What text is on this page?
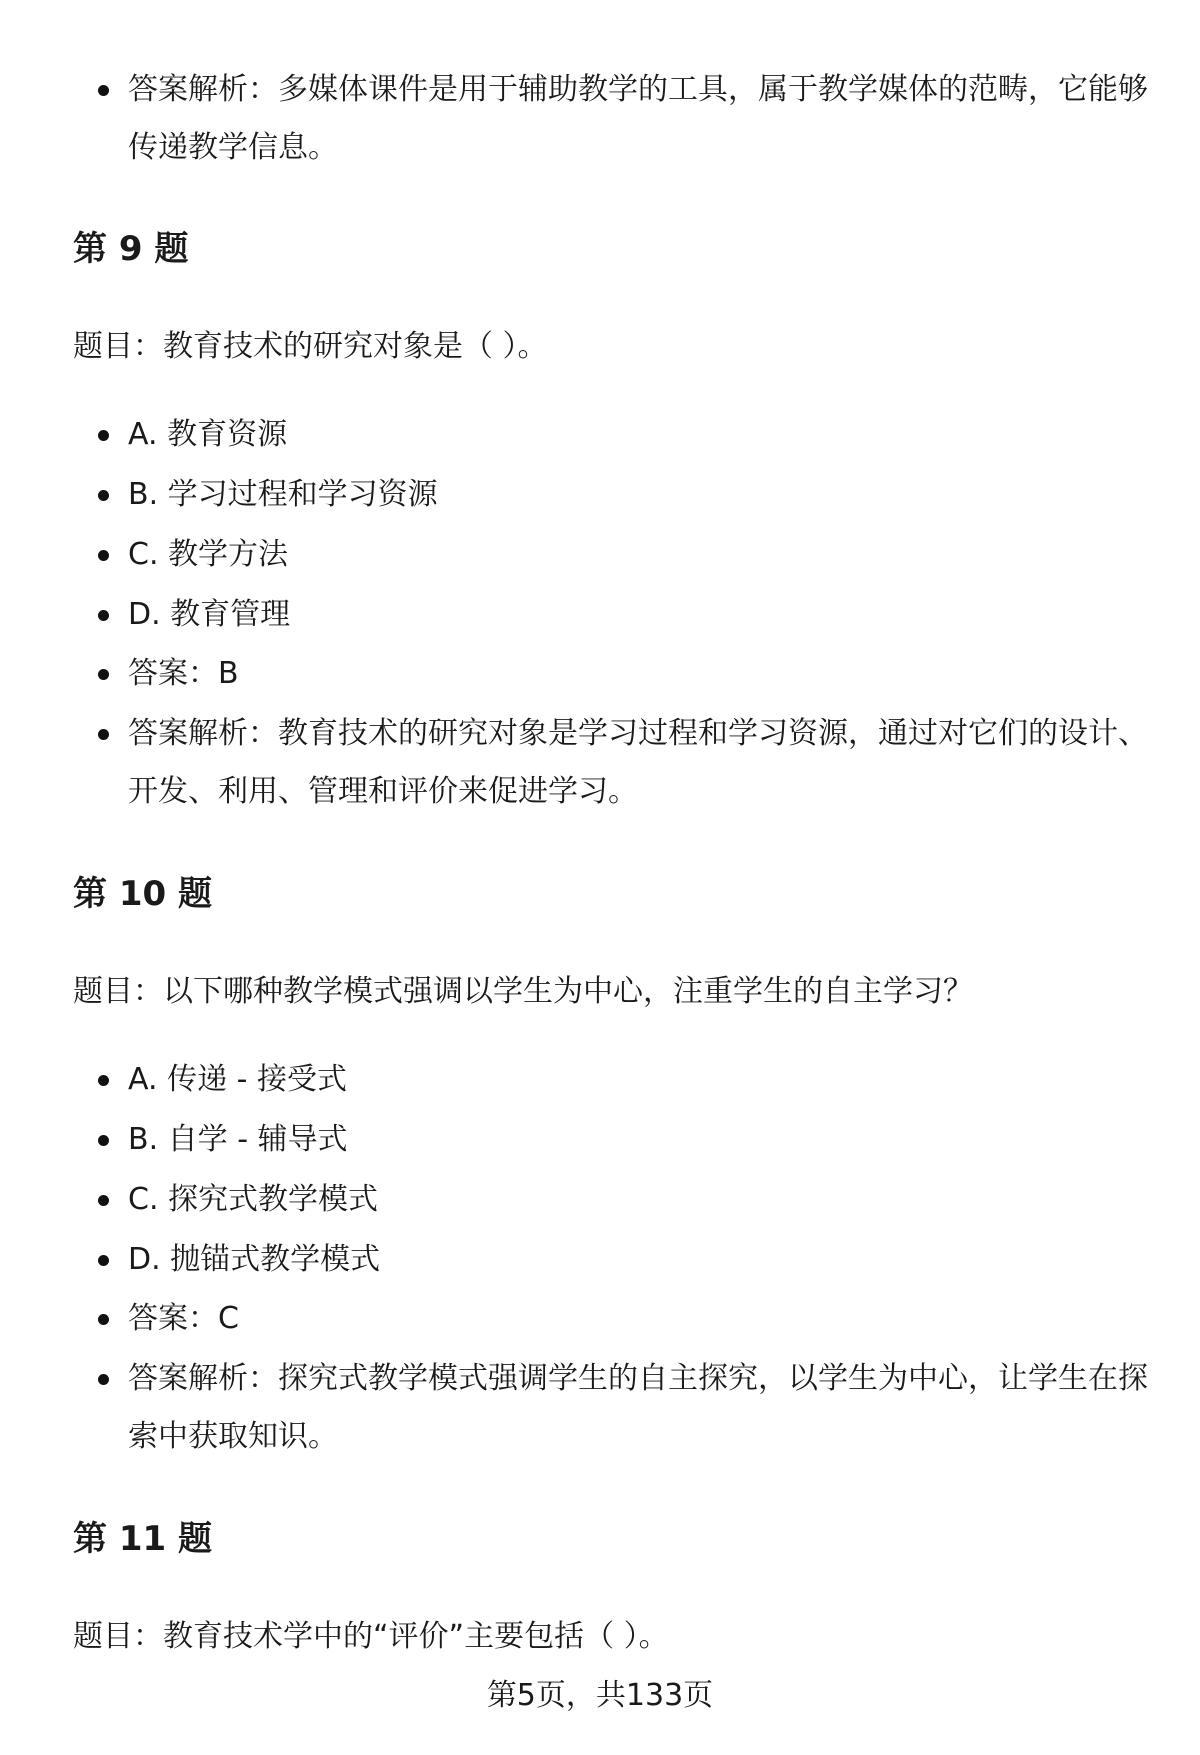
答案解析：多媒体课件是用于辅助教学的工具，属于教学媒体的范畴，它能够

传递教学信息。

第 9 题

题目：教育技术的研究对象是（ ）。

A. 教育资源

B. 学习过程和学习资源

C. 教学方法

D. 教育管理

答案：B

答案解析：教育技术的研究对象是学习过程和学习资源，通过对它们的设计、

开发、利用、管理和评价来促进学习。

第 10 题

题目：以下哪种教学模式强调以学生为中心，注重学生的自主学习？

A. 传递 - 接受式

B. 自学 - 辅导式

C. 探究式教学模式

D. 抛锚式教学模式

答案：C

答案解析：探究式教学模式强调学生的自主探究，以学生为中心，让学生在探

索中获取知识。

第 11 题

题目：教育技术学中的“评价”主要包括（ ）。

第5页，共133页
